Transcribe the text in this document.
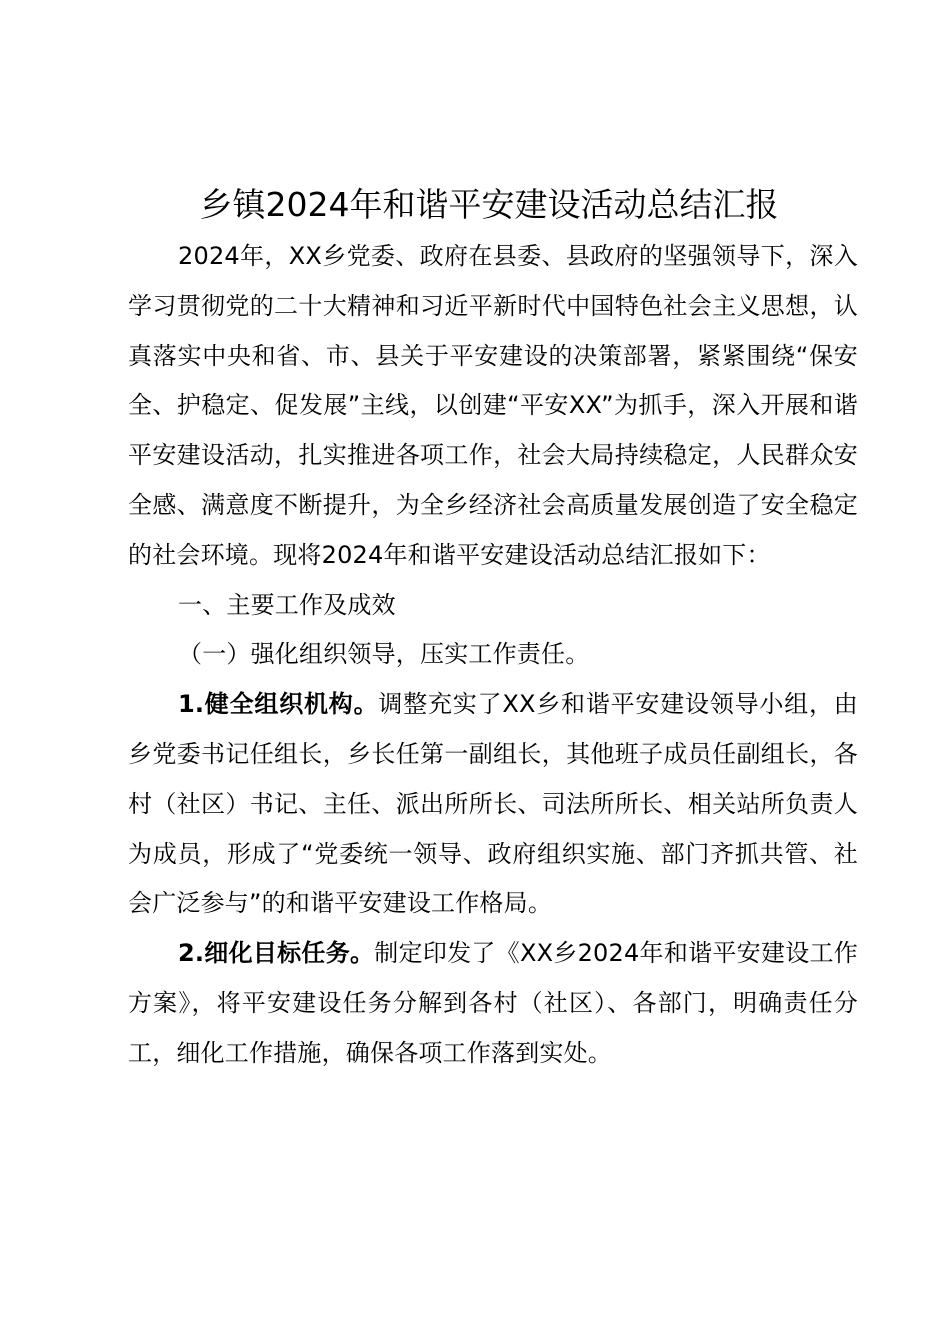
乡镇2024年和谐平安建设活动总结汇报

2024年，XX乡党委、政府在县委、县政府的坚强领导下，深入学习贯彻党的二十大精神和习近平新时代中国特色社会主义思想，认真落实中央和省、市、县关于平安建设的决策部署，紧紧围绕“保安全、护稳定、促发展”主线，以创建“平安XX”为抓手，深入开展和谐平安建设活动，扎实推进各项工作，社会大局持续稳定，人民群众安全感、满意度不断提升，为全乡经济社会高质量发展创造了安全稳定的社会环境。现将2024年和谐平安建设活动总结汇报如下：

一、主要工作及成效

（一）强化组织领导，压实工作责任。

1.健全组织机构。调整充实了XX乡和谐平安建设领导小组，由乡党委书记任组长，乡长任第一副组长，其他班子成员任副组长，各村（社区）书记、主任、派出所所长、司法所所长、相关站所负责人为成员，形成了“党委统一领导、政府组织实施、部门齐抓共管、社会广泛参与”的和谐平安建设工作格局。

2.细化目标任务。制定印发了《XX乡2024年和谐平安建设工作方案》，将平安建设任务分解到各村（社区）、各部门，明确责任分工，细化工作措施，确保各项工作落到实处。
